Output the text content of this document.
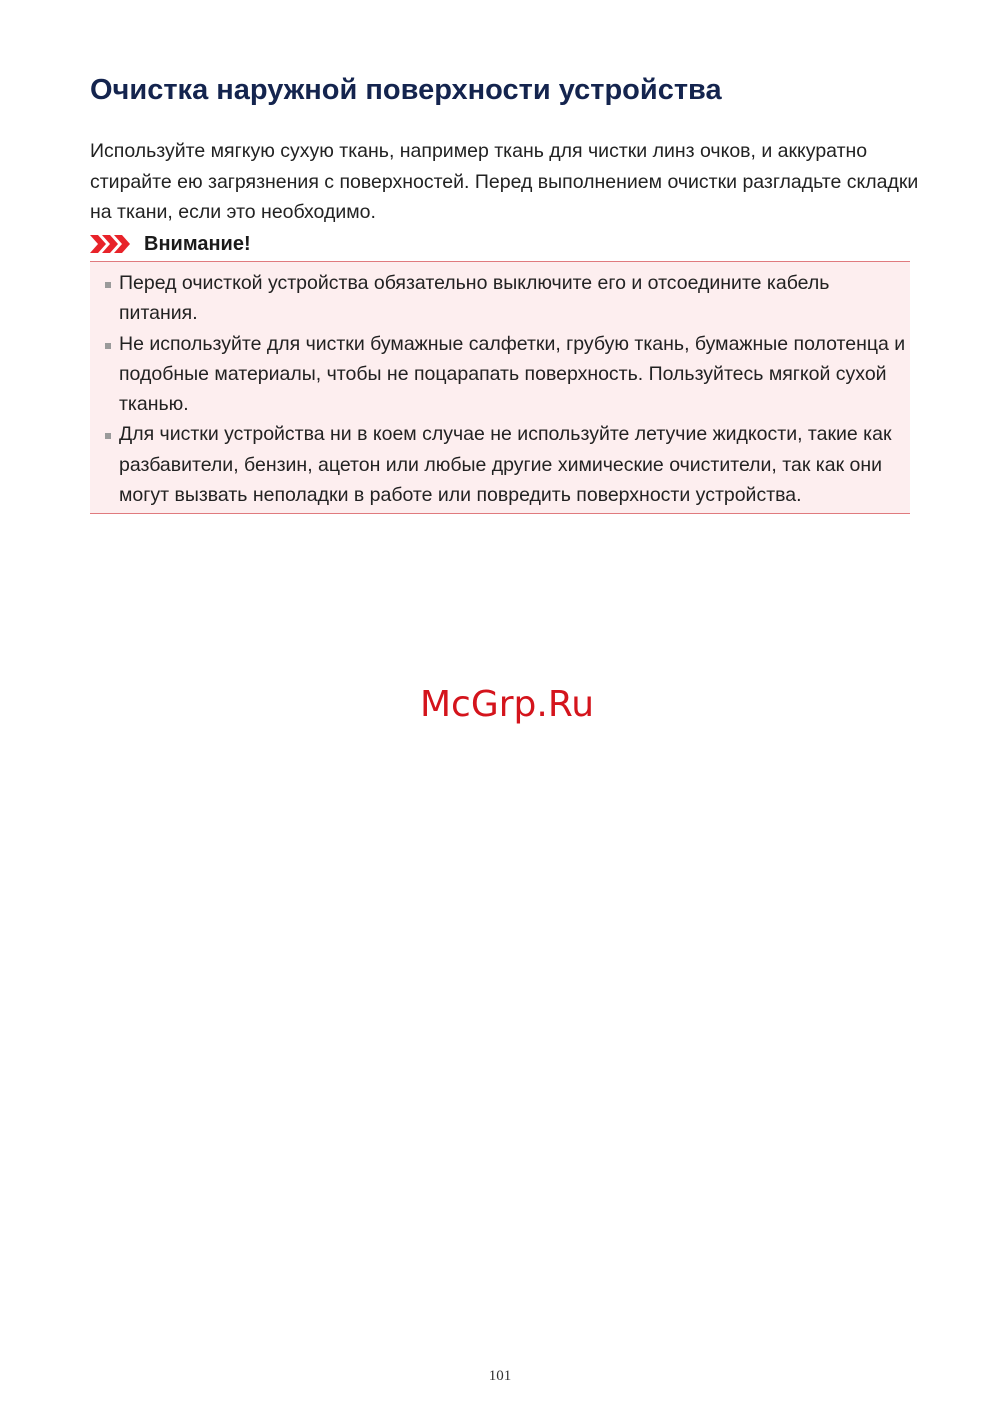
Очистка наружной поверхности устройства

Используйте мягкую сухую ткань, например ткань для чистки линз очков, и аккуратно стирайте ею загрязнения с поверхностей. Перед выполнением очистки разгладьте складки на ткани, если это необходимо.

Внимание!
Перед очисткой устройства обязательно выключите его и отсоедините кабель питания.
Не используйте для чистки бумажные салфетки, грубую ткань, бумажные полотенца и подобные материалы, чтобы не поцарапать поверхность. Пользуйтесь мягкой сухой тканью.
Для чистки устройства ни в коем случае не используйте летучие жидкости, такие как разбавители, бензин, ацетон или любые другие химические очистители, так как они могут вызвать неполадки в работе или повредить поверхности устройства.
McGrp.Ru
101
